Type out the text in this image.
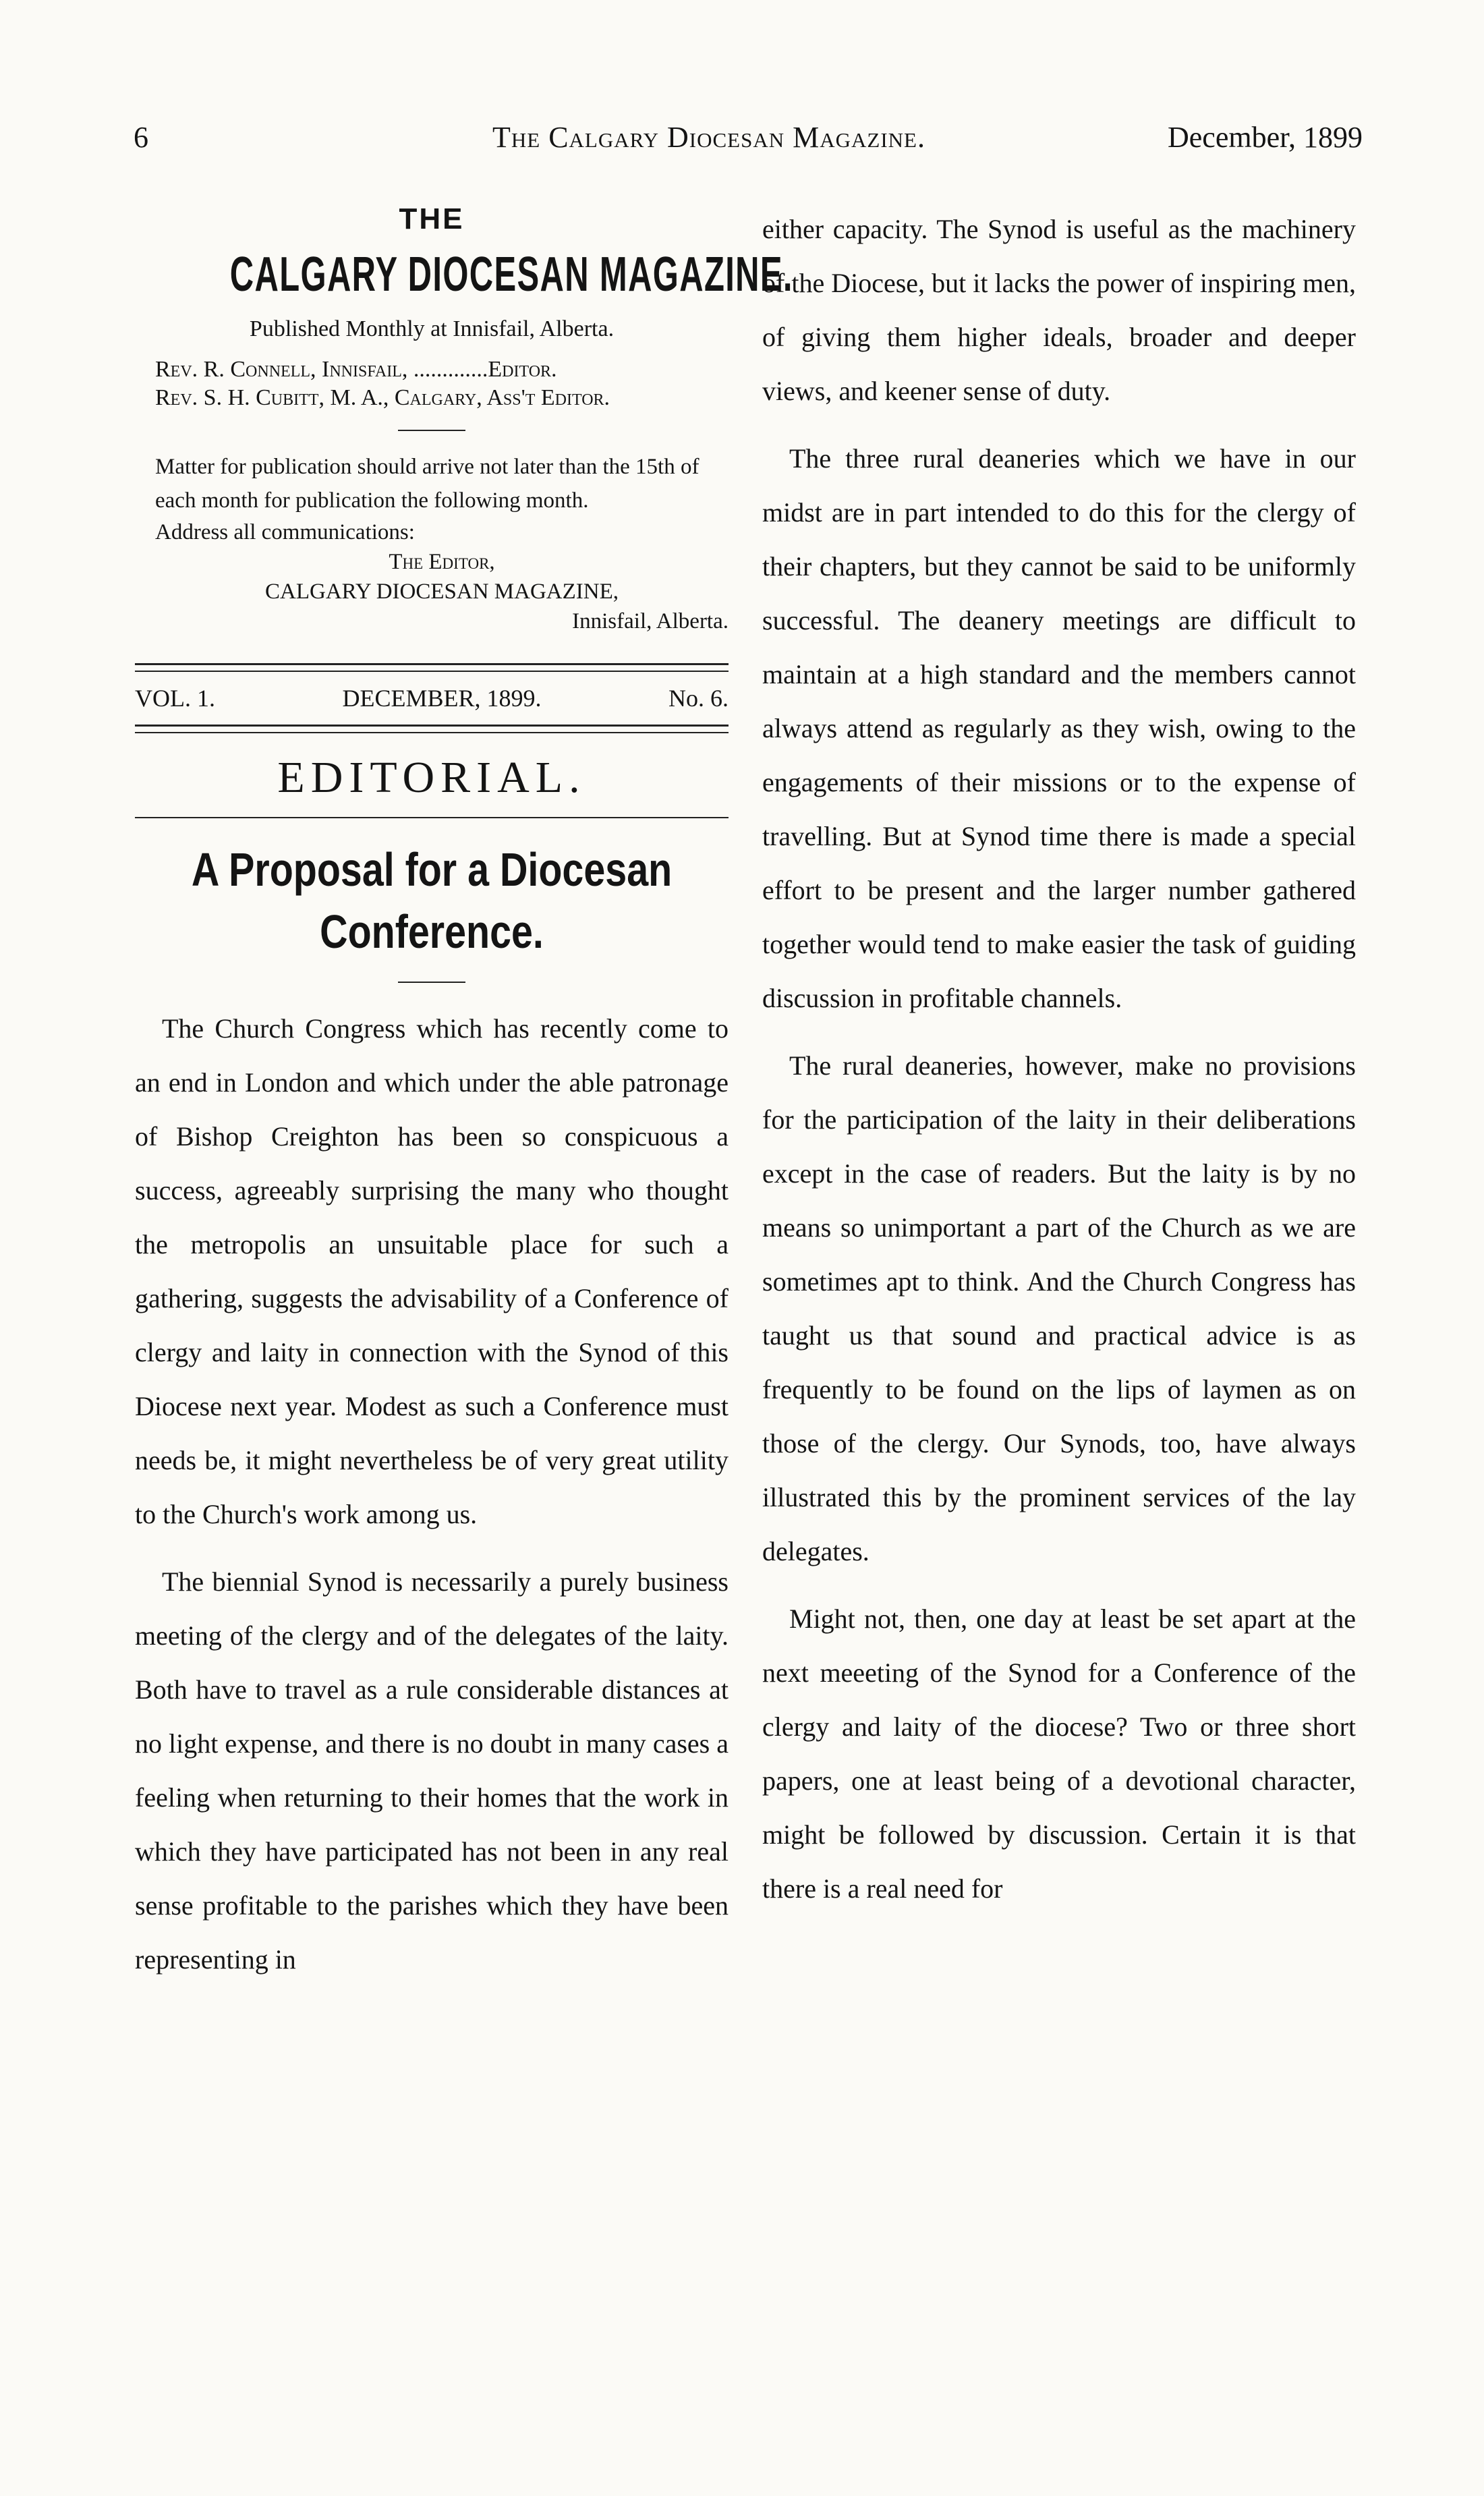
6	The Calgary Diocesan Magazine.	December, 1899
THE
CALGARY DIOCESAN MAGAZINE.
Published Monthly at Innisfail, Alberta.
Rev. R. Connell, Innisfail, .............Editor.
Rev. S. H. Cubitt, M. A., Calgary, Ass't Editor.
Matter for publication should arrive not later than the 15th of each month for publication the following month.
Address all communications:
The Editor,
CALGARY DIOCESAN MAGAZINE,
Innisfail, Alberta.
VOL. 1.	DECEMBER, 1899.	No. 6.
EDITORIAL.
A Proposal for a Diocesan Conference.

The Church Congress which has recently come to an end in London and which under the able patronage of Bishop Creighton has been so conspicuous a success, agreeably surprising the many who thought the metropolis an unsuitable place for such a gathering, suggests the advisability of a Conference of clergy and laity in connection with the Synod of this Diocese next year. Modest as such a Conference must needs be, it might nevertheless be of very great utility to the Church's work among us.

The biennial Synod is necessarily a purely business meeting of the clergy and of the delegates of the laity. Both have to travel as a rule considerable distances at no light expense, and there is no doubt in many cases a feeling when returning to their homes that the work in which they have participated has not been in any real sense profitable to the parishes which they have been representing in

either capacity. The Synod is useful as the machinery of the Diocese, but it lacks the power of inspiring men, of giving them higher ideals, broader and deeper views, and keener sense of duty.

The three rural deaneries which we have in our midst are in part intended to do this for the clergy of their chapters, but they cannot be said to be uniformly successful. The deanery meetings are difficult to maintain at a high standard and the members cannot always attend as regularly as they wish, owing to the engagements of their missions or to the expense of travelling. But at Synod time there is made a special effort to be present and the larger number gathered together would tend to make easier the task of guiding discussion in profitable channels.

The rural deaneries, however, make no provisions for the participation of the laity in their deliberations except in the case of readers. But the laity is by no means so unimportant a part of the Church as we are sometimes apt to think. And the Church Congress has taught us that sound and practical advice is as frequently to be found on the lips of laymen as on those of the clergy. Our Synods, too, have always illustrated this by the prominent services of the lay delegates.

Might not, then, one day at least be set apart at the next meeeting of the Synod for a Conference of the clergy and laity of the diocese? Two or three short papers, one at least being of a devotional character, might be followed by discussion. Certain it is that there is a real need for
